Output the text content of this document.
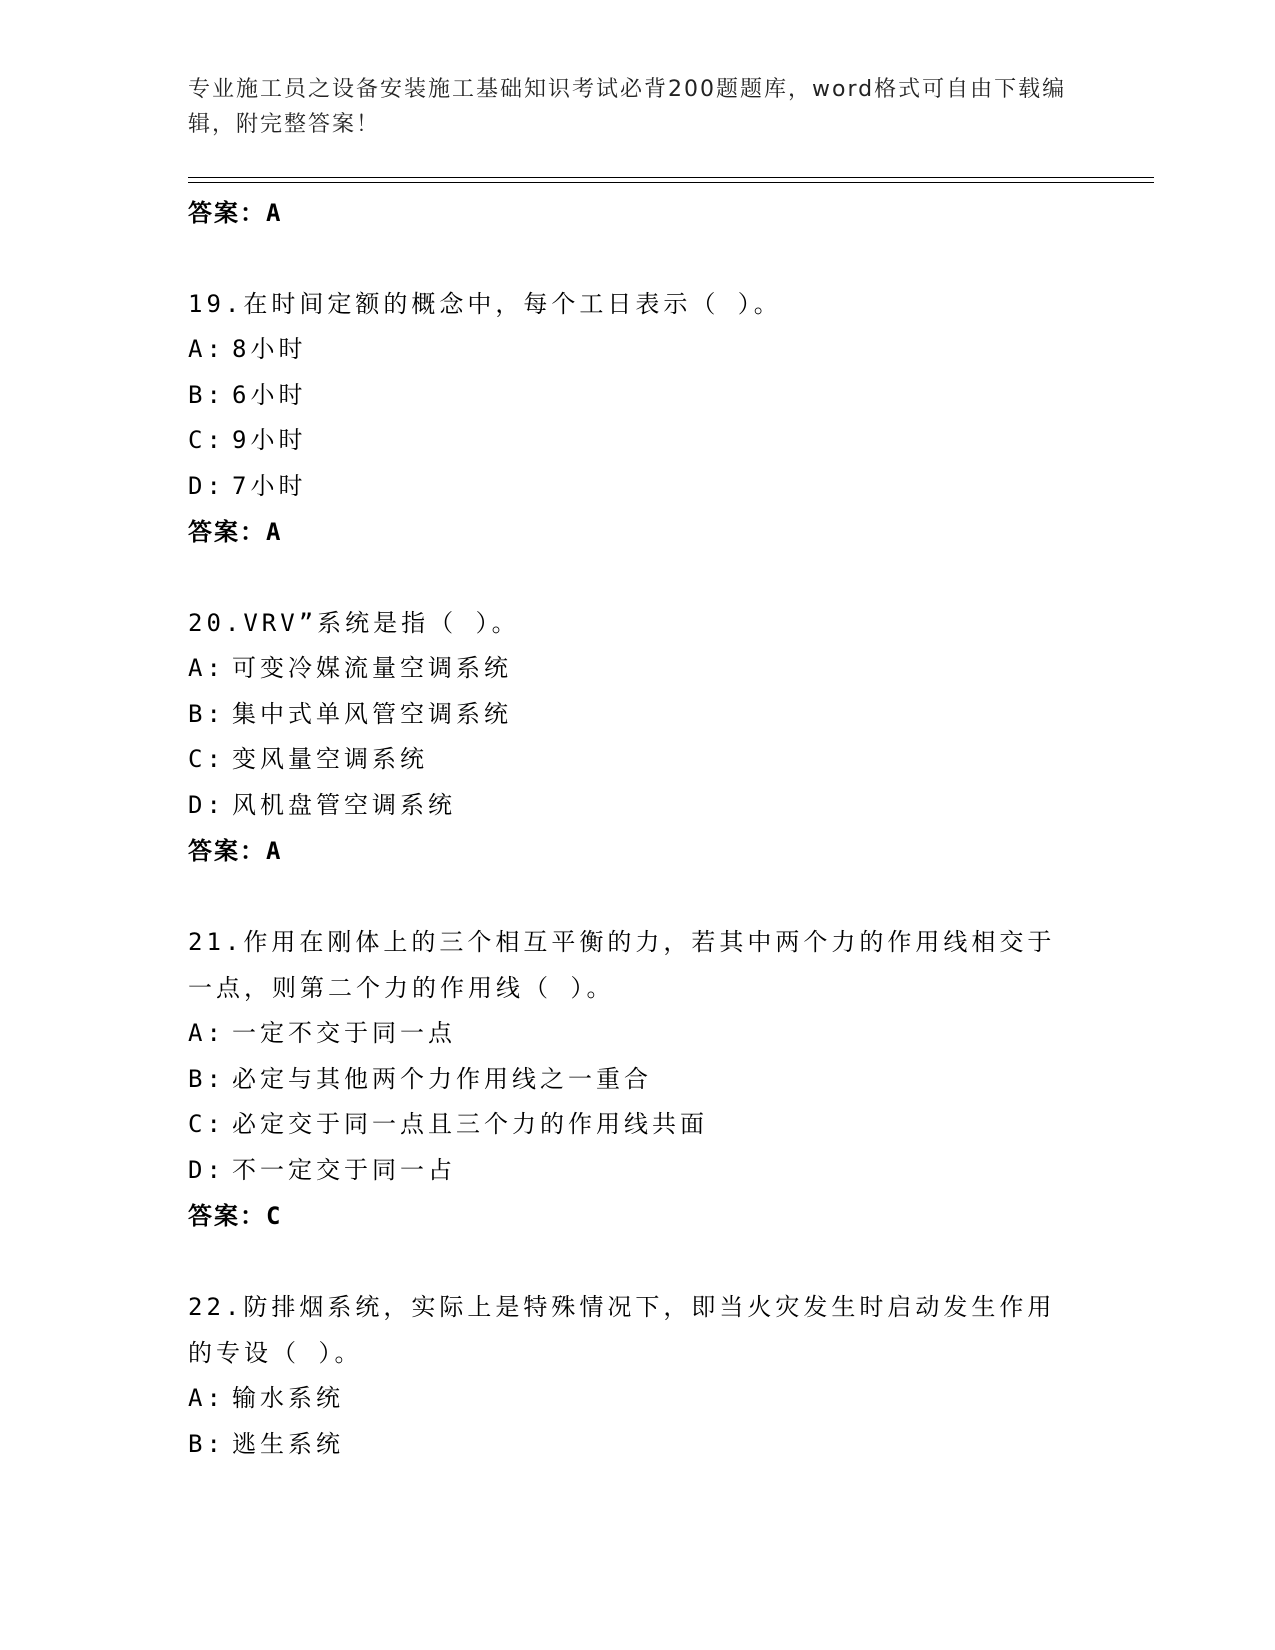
专业施工员之设备安装施工基础知识考试必背200题题库，word格式可自由下载编辑，附完整答案！
答案：A
19.在时间定额的概念中，每个工日表示（ ）。
A: 8小时
B: 6小时
C: 9小时
D: 7小时
答案：A
20.VRV”系统是指（ ）。
A: 可变冷媒流量空调系统
B: 集中式单风管空调系统
C: 变风量空调系统
D: 风机盘管空调系统
答案：A
21.作用在刚体上的三个相互平衡的力，若其中两个力的作用线相交于一点，则第二个力的作用线（ ）。
A: 一定不交于同一点
B: 必定与其他两个力作用线之一重合
C: 必定交于同一点且三个力的作用线共面
D: 不一定交于同一占
答案：C
22.防排烟系统，实际上是特殊情况下，即当火灾发生时启动发生作用的专设（ ）。
A: 输水系统
B: 逃生系统
